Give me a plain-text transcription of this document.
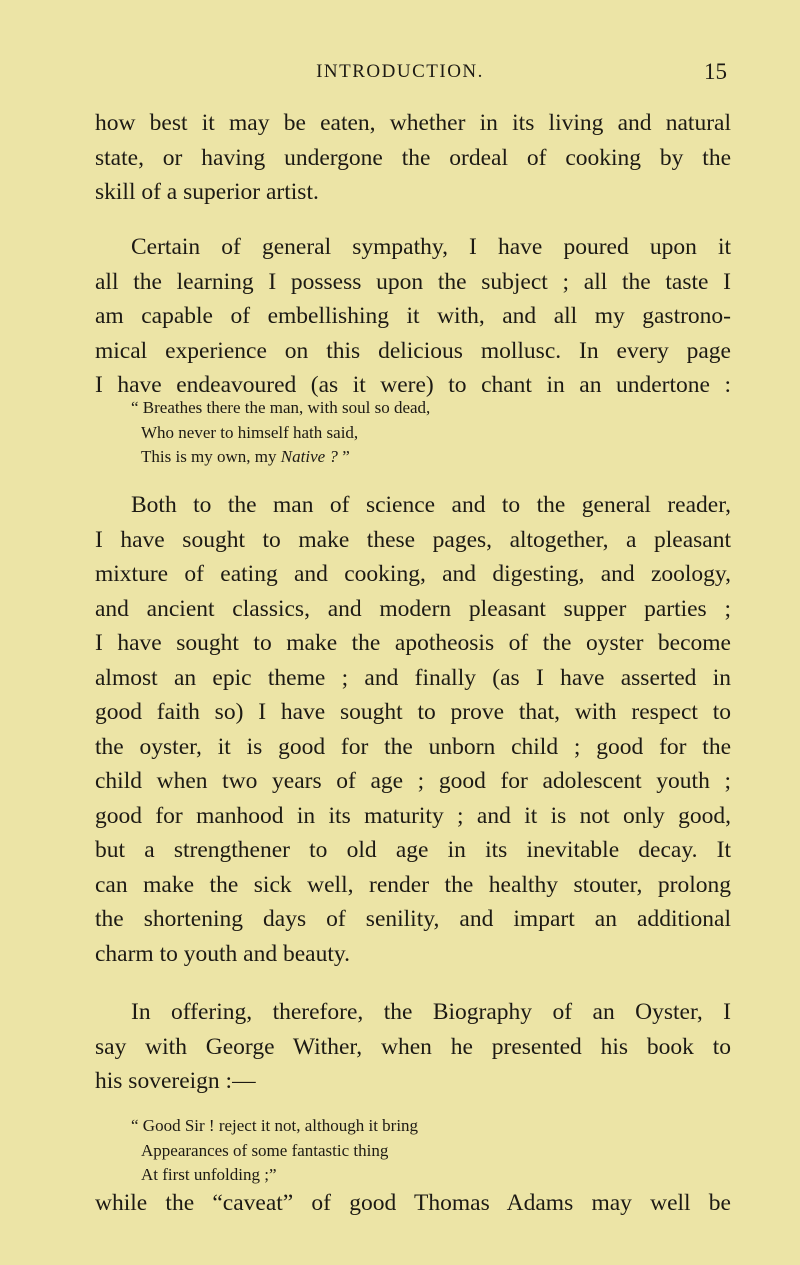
INTRODUCTION.	15

how best it may be eaten, whether in its living and natural

state, or having undergone the ordeal of cooking by the

skill of a superior artist.

Certain of general sympathy, I have poured upon it

all the learning I possess upon the subject ; all the taste I

am capable of embellishing it with, and all my gastrono-

mical experience on this delicious mollusc. In every page

I have endeavoured (as it were) to chant in an undertone :

“ Breathes there the man, with soul so dead,
Who never to himself hath said,
This is my own, my Native ? ”

Both to the man of science and to the general reader,

I have sought to make these pages, altogether, a pleasant

mixture of eating and cooking, and digesting, and zoology,

and ancient classics, and modern pleasant supper parties ;

I have sought to make the apotheosis of the oyster become

almost an epic theme ; and finally (as I have asserted in

good faith so) I have sought to prove that, with respect to

the oyster, it is good for the unborn child ; good for the

child when two years of age ; good for adolescent youth ;

good for manhood in its maturity ; and it is not only good,

but a strengthener to old age in its inevitable decay. It

can make the sick well, render the healthy stouter, prolong

the shortening days of senility, and impart an additional

charm to youth and beauty.

In offering, therefore, the Biography of an Oyster, I

say with George Wither, when he presented his book to

his sovereign :—

“ Good Sir ! reject it not, although it bring
Appearances of some fantastic thing
At first unfolding ;”

while the “caveat” of good Thomas Adams may well be
